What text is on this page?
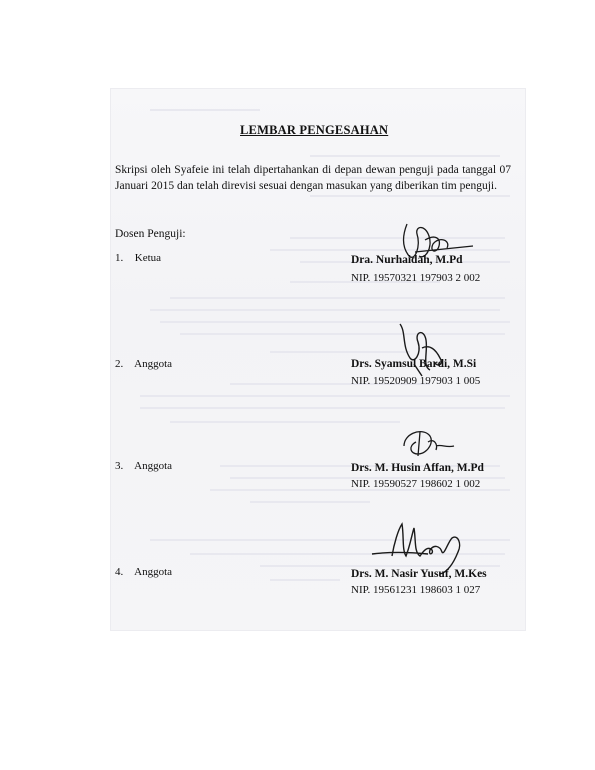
LEMBAR PENGESAHAN
Skripsi oleh Syafeie ini telah dipertahankan di depan dewan penguji pada tanggal 07 Januari 2015 dan telah direvisi sesuai dengan masukan yang diberikan tim penguji.
Dosen Penguji:
1. Ketua	Dra. Nurhaidah, M.Pd
NIP. 19570321 197903 2 002
2. Anggota	Drs. Syamsul Bardi, M.Si
NIP. 19520909 197903 1 005
3. Anggota	Drs. M. Husin Affan, M.Pd
NIP. 19590527 198602 1 002
4. Anggota	Drs. M. Nasir Yusuf, M.Kes
NIP. 19561231 198603 1 027
